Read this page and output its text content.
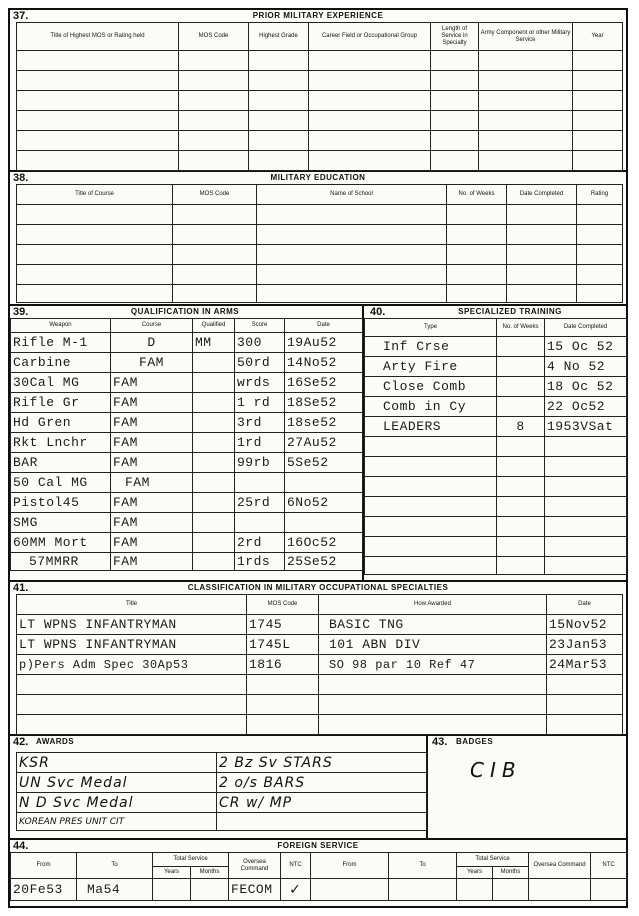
37.	PRIOR MILITARY EXPERIENCE
Title of Highest MOS or Rating held	MOS Code	Highest Grade	Career Field or Occupational Group	Length of Service in Specialty	Army Component or other Military Service	Year

38.	MILITARY EDUCATION
Title of Course	MOS Code	Name of School	No. of Weeks	Date Completed	Rating

39.	QUALIFICATION IN ARMS
Weapon	Course	Qualified	Score	Date
Rifle M-1	D	MM	300	19Au52
Carbine	FAM		50rd	14No52
30Cal MG	FAM		wrds	16Se52
Rifle Gr	FAM		1 rd	18Se52
Hd Gren	FAM		3rd	18se52
Rkt Lnchr	FAM		1rd	27Au52
BAR	FAM		99rb	5Se52
50 Cal MG	FAM			
Pistol45	FAM		25rd	6No52
SMG	FAM			
60MM Mort	FAM		2rd	16Oc52
57MMRR	FAM		1rds	25Se52
40.	SPECIALIZED TRAINING
Type	No. of Weeks	Date Completed
Inf Crse		15 Oc 52
Arty Fire		4 No 52
Close Comb		18 Oc 52
Comb in Cy		22 Oc52
LEADERS	8	1953VSat

41.	CLASSIFICATION IN MILITARY OCCUPATIONAL SPECIALTIES
Title	MOS Code	How Awarded	Date
LT WPNS INFANTRYMAN	1745	BASIC TNG	15Nov52
LT WPNS INFANTRYMAN	1745L	101 ABN DIV	23Jan53
p)Pers Adm Spec 30Ap53	1816	SO 98 par 10 Ref 47	24Mar53

42. AWARDS
KSR	2 Bz Sv STARS
UN Svc Medal	2 o/s BARS
N D Svc Medal	CR w/ MP
KOREAN PRES UNIT CIT	
43. BADGES
CIB
44.	FOREIGN SERVICE
From	To	Total Service		Oversea Command	NTC	From	To	Total Service		Oversea Command	NTC
		Years	Months					Years	Months		
20Fe53	Ma54			FECOM	✓						
